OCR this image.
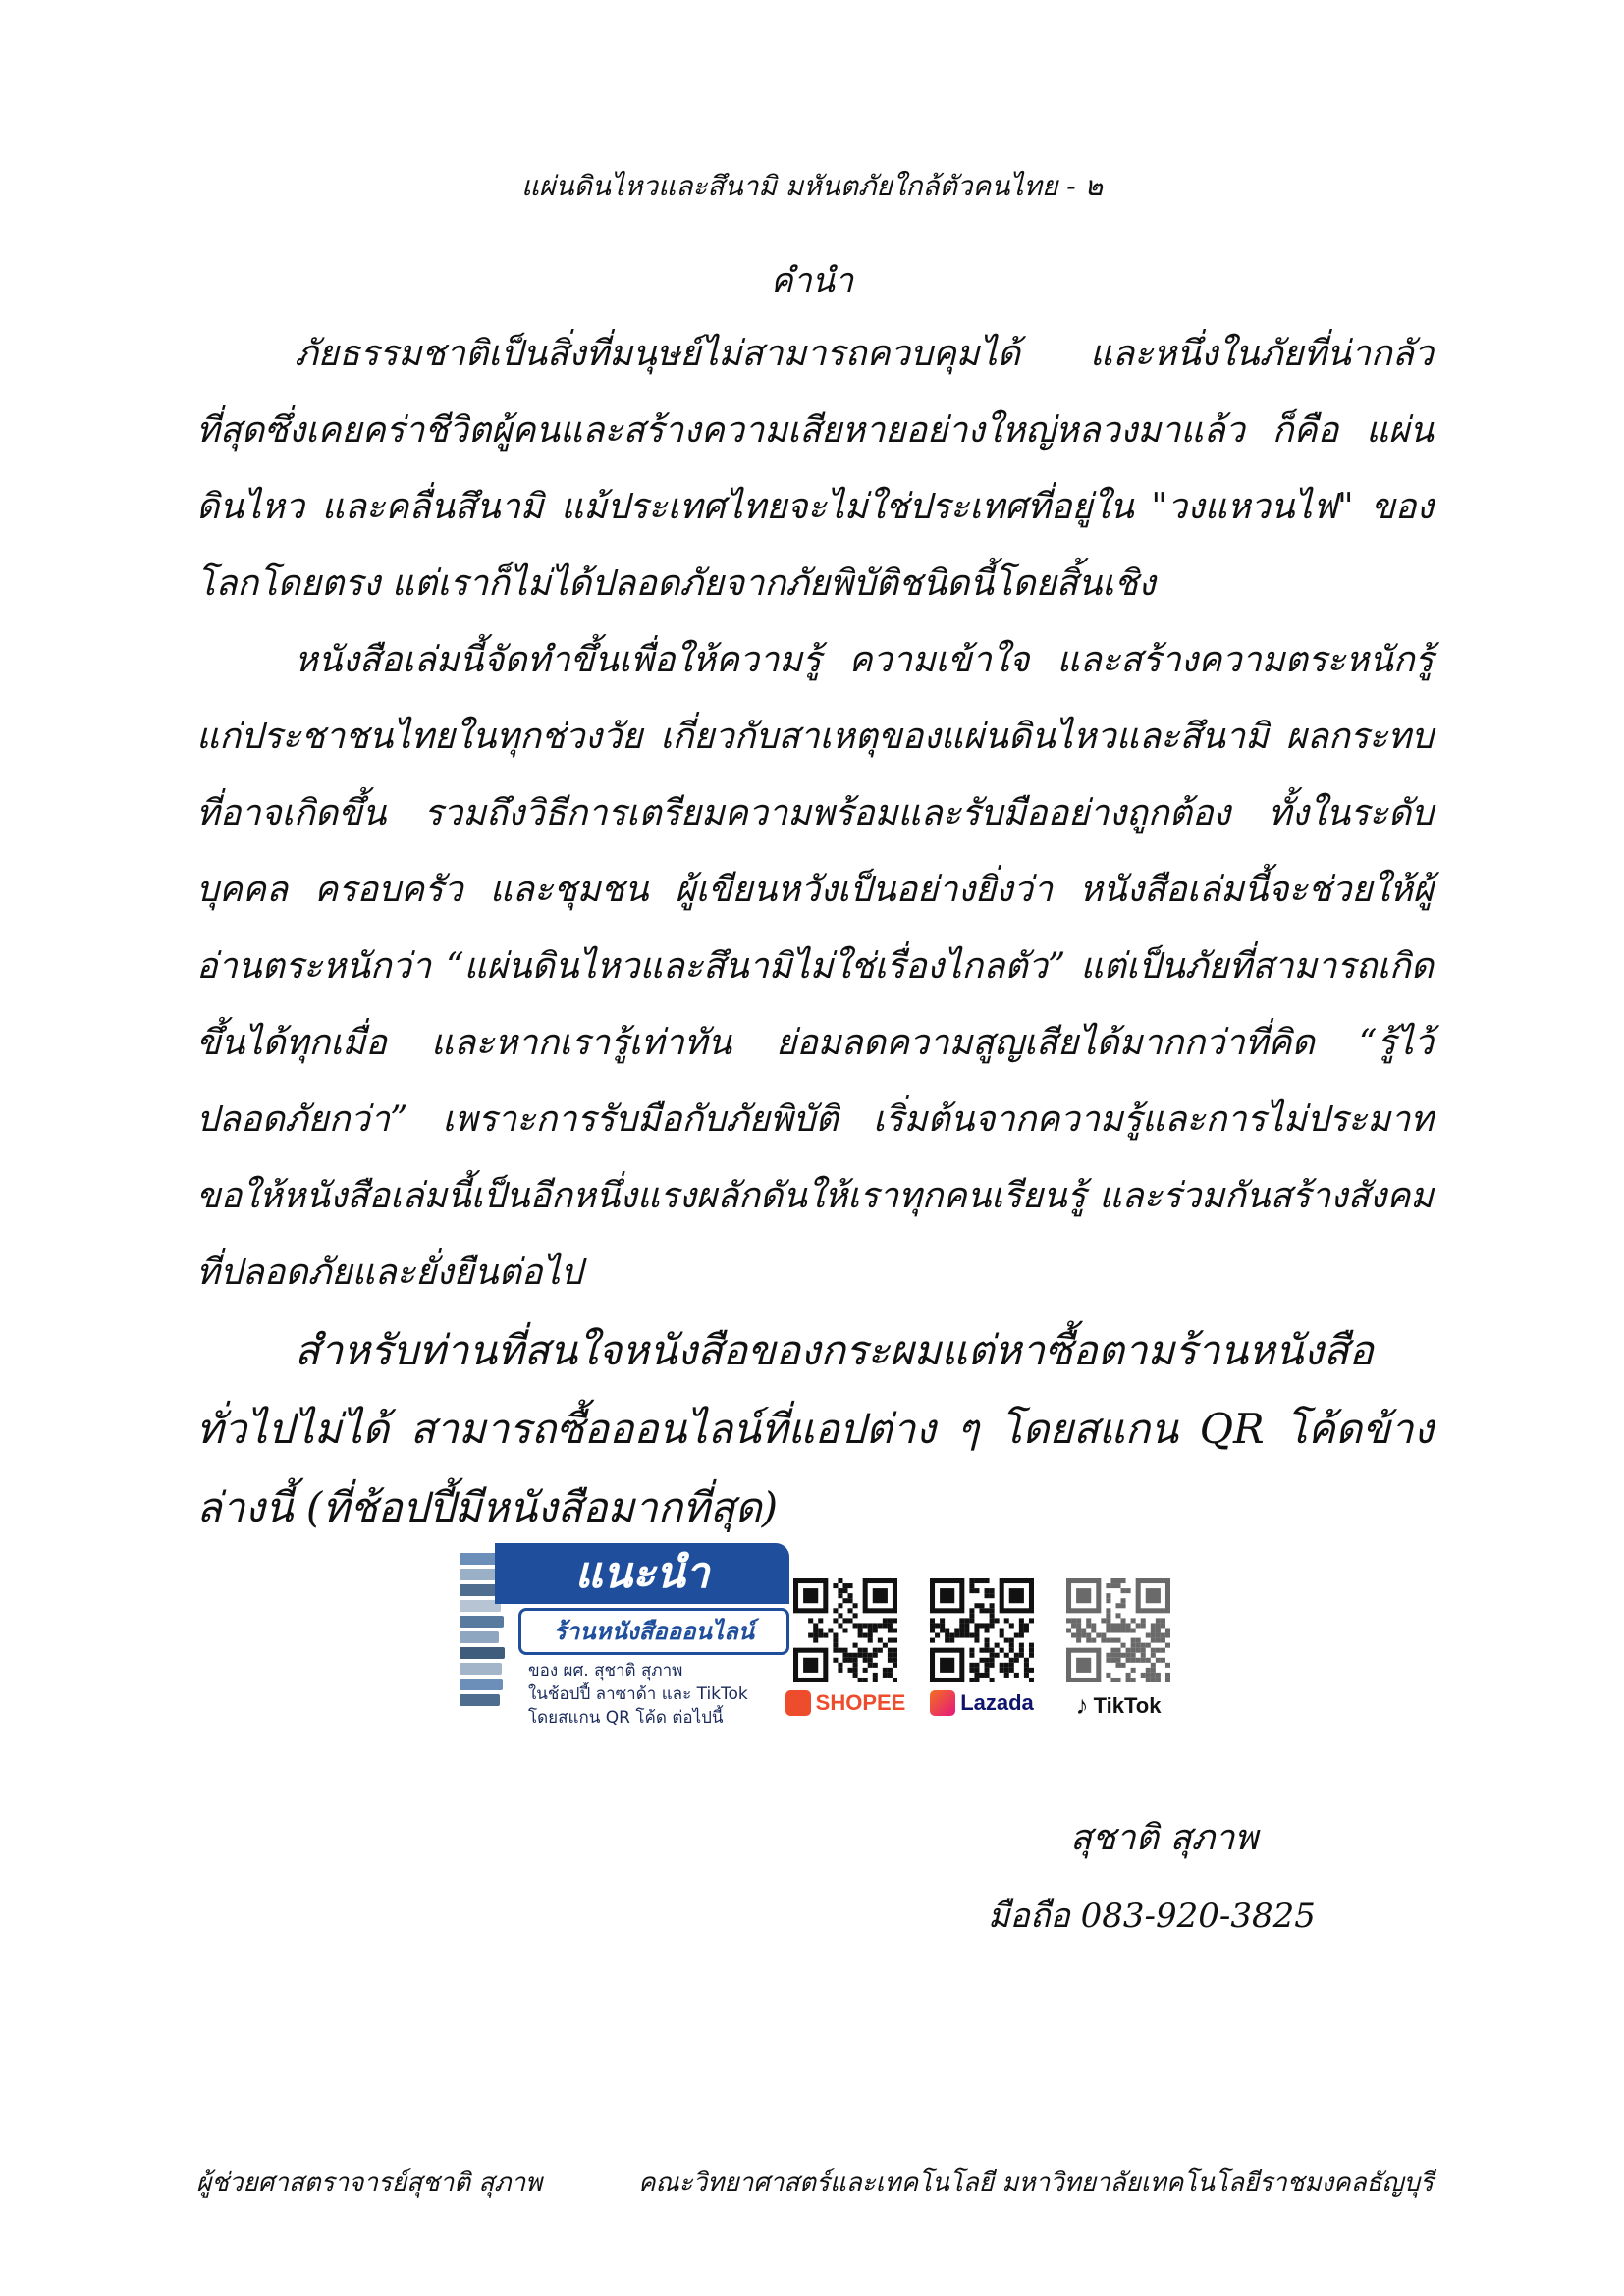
แผ่นดินไหวและสึนามิ มหันตภัยใกล้ตัวคนไทย - ๒
คำนำ

ภัยธรรมชาติเป็นสิ่งที่มนุษย์ไม่สามารถควบคุมได้ และหนึ่งในภัยที่น่ากลัวที่สุดซึ่งเคยคร่าชีวิตผู้คนและสร้างความเสียหายอย่างใหญ่หลวงมาแล้ว ก็คือ แผ่นดินไหว และคลื่นสึนามิ แม้ประเทศไทยจะไม่ใช่ประเทศที่อยู่ใน "วงแหวนไฟ" ของโลกโดยตรง แต่เราก็ไม่ได้ปลอดภัยจากภัยพิบัติชนิดนี้โดยสิ้นเชิง

หนังสือเล่มนี้จัดทำขึ้นเพื่อให้ความรู้ ความเข้าใจ และสร้างความตระหนักรู้แก่ประชาชนไทยในทุกช่วงวัย เกี่ยวกับสาเหตุของแผ่นดินไหวและสึนามิ ผลกระทบที่อาจเกิดขึ้น รวมถึงวิธีการเตรียมความพร้อมและรับมืออย่างถูกต้อง ทั้งในระดับบุคคล ครอบครัว และชุมชน ผู้เขียนหวังเป็นอย่างยิ่งว่า หนังสือเล่มนี้จะช่วยให้ผู้อ่านตระหนักว่า “แผ่นดินไหวและสึนามิไม่ใช่เรื่องไกลตัว” แต่เป็นภัยที่สามารถเกิดขึ้นได้ทุกเมื่อ และหากเรารู้เท่าทัน ย่อมลดความสูญเสียได้มากกว่าที่คิด “รู้ไว้ ปลอดภัยกว่า” เพราะการรับมือกับภัยพิบัติ เริ่มต้นจากความรู้และการไม่ประมาท ขอให้หนังสือเล่มนี้เป็นอีกหนึ่งแรงผลักดันให้เราทุกคนเรียนรู้ และร่วมกันสร้างสังคมที่ปลอดภัยและยั่งยืนต่อไป

สำหรับท่านที่สนใจหนังสือของกระผมแต่หาซื้อตามร้านหนังสือทั่วไปไม่ได้ สามารถซื้อออนไลน์ที่แอปต่าง ๆ โดยสแกน QR โค้ดข้างล่างนี้ (ที่ช้อปปี้มีหนังสือมากที่สุด)

แนะนำ
ร้านหนังสือออนไลน์
ของ ผศ. สุชาติ สุภาพ
ในช้อปปี้ ลาซาด้า และ TikTok
โดยสแกน QR โค้ด ต่อไปนี้
SHOPEE	Lazada ♪ TikTok
สุชาติ สุภาพ
มือถือ 083-920-3825
ผู้ช่วยศาสตราจารย์สุชาติ สุภาพ	คณะวิทยาศาสตร์และเทคโนโลยี มหาวิทยาลัยเทคโนโลยีราชมงคลธัญบุรี
